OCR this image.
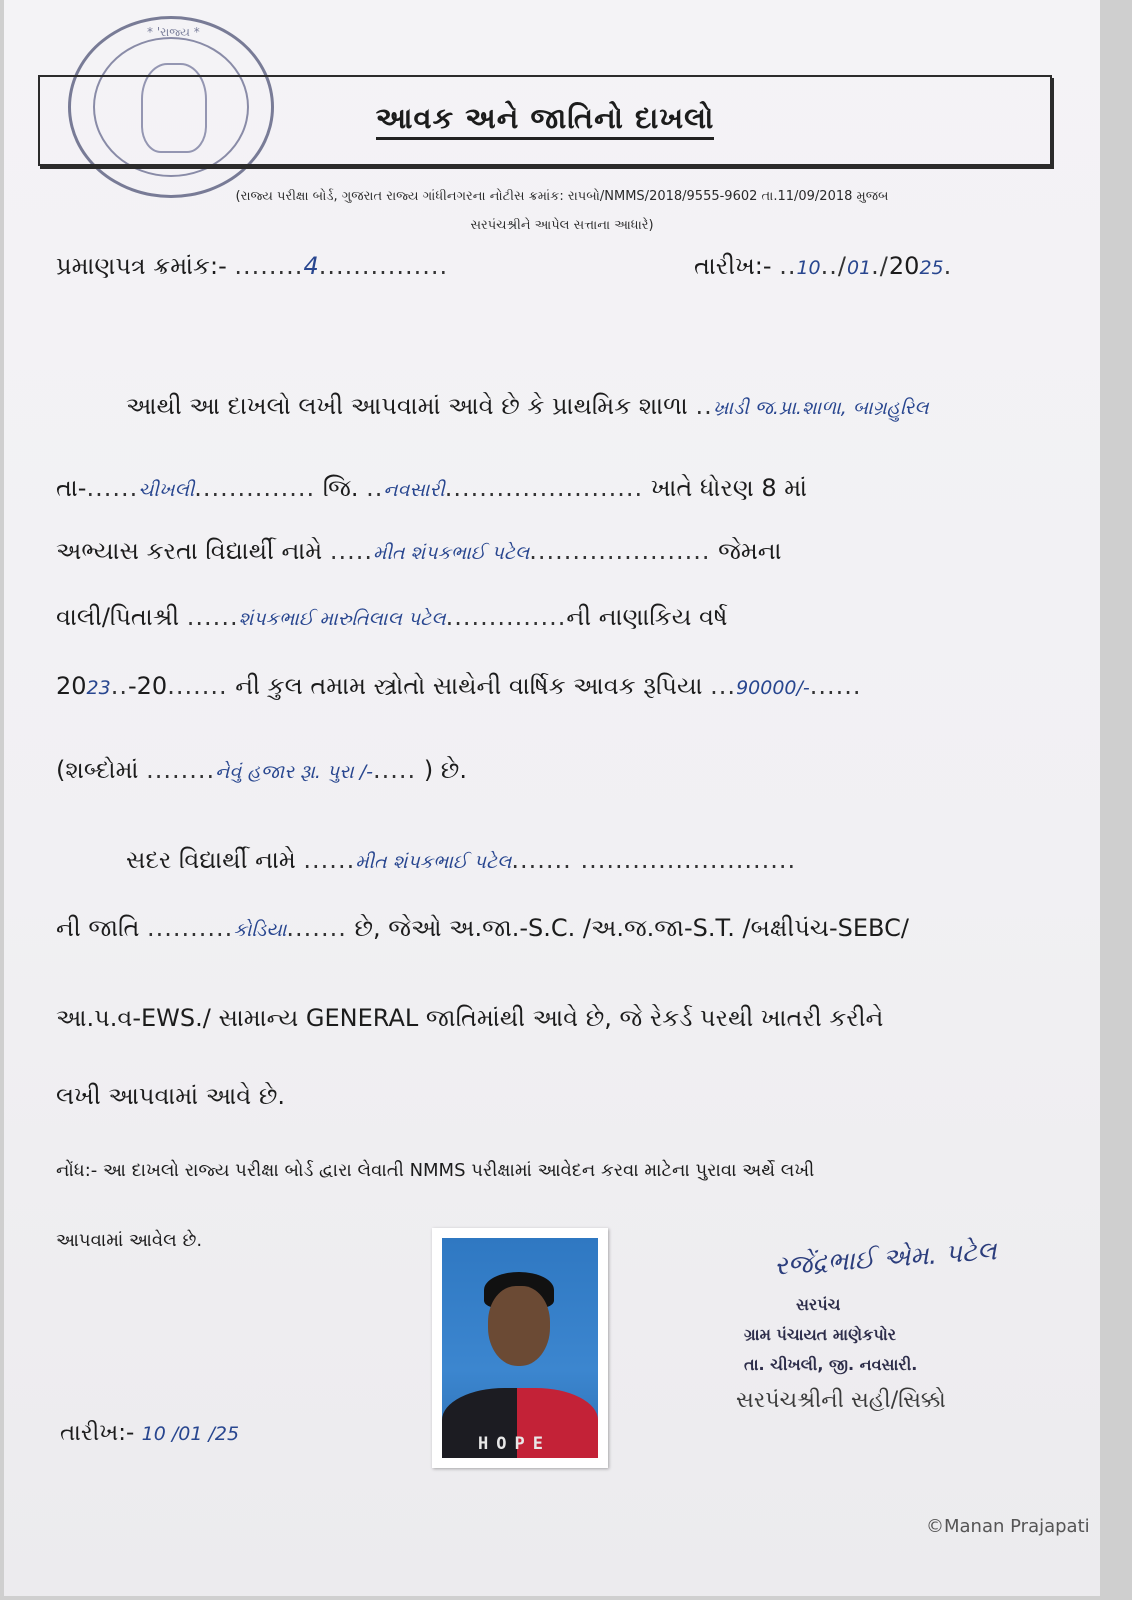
* 'રાજ્ય *
આવક અને જાતિનો દાખલો
(રાજ્ય પરીક્ષા બોર્ડ, ગુજરાત રાજ્ય ગાંધીનગરના નોટીસ ક્રમાંક: રાપબો/NMMS/2018/9555-9602 તા.11/09/2018 મુજબ
સરપંચશ્રીને આપેલ સત્તાના આધારે)
પ્રમાણપત્ર ક્રમાંક:- ........4...............	તારીખ:- ..10../01./2025.
આથી આ દાખલો લખી આપવામાં આવે છે કે પ્રાથમિક શાળા ..ખ્રાડી જ.પ્રા.શાળા, બાગ્રહુરિલ
તા-......ચીખલી.............. જિ. ..નવસારી....................... ખાતે ધોરણ 8 માં
અભ્યાસ કરતા વિદ્યાર્થી નામે .....મીત શંપકભાઈ પટેલ..................... જેમના
વાલી/પિતાશ્રી ......શંપકભાઈ મારુતિલાલ પટેલ..............ની નાણાકિય વર્ષ
2023..-20....... ની કુલ તમામ સ્ત્રોતો સાથેની વાર્ષિક આવક રૂપિયા ...90000/-......
(શબ્દોમાં ........નેવું હજાર રૂા. પુરા /-..... ) છે.
સદર વિદ્યાર્થી નામે ......મીત શંપકભાઈ પટેલ....... .........................
ની જાતિ ..........કોડિયા....... છે, જેઓ અ.જા.-S.C. /અ.જ.જા-S.T. /બક્ષીપંચ-SEBC/
આ.પ.વ-EWS./ સામાન્ય GENERAL જાતિમાંથી આવે છે, જે રેકર્ડ પરથી ખાતરી કરીને
લખી આપવામાં આવે છે.
નોંધ:- આ દાખલો રાજ્ય પરીક્ષા બોર્ડ દ્વારા લેવાતી NMMS પરીક્ષામાં આવેદન કરવા માટેના પુરાવા અર્થે લખી
આપવામાં આવેલ છે.
HOPE
રજેંદ્રભાઈ એમ. પટેલ
સરપંચ
ગ્રામ પંચાયત માણેકપોર
તા. ચીખલી, જી. નવસારી.
સરપંચશ્રીની સહી/સિક્કો
તારીખ:- 10 /01 /25
©Manan Prajapati
